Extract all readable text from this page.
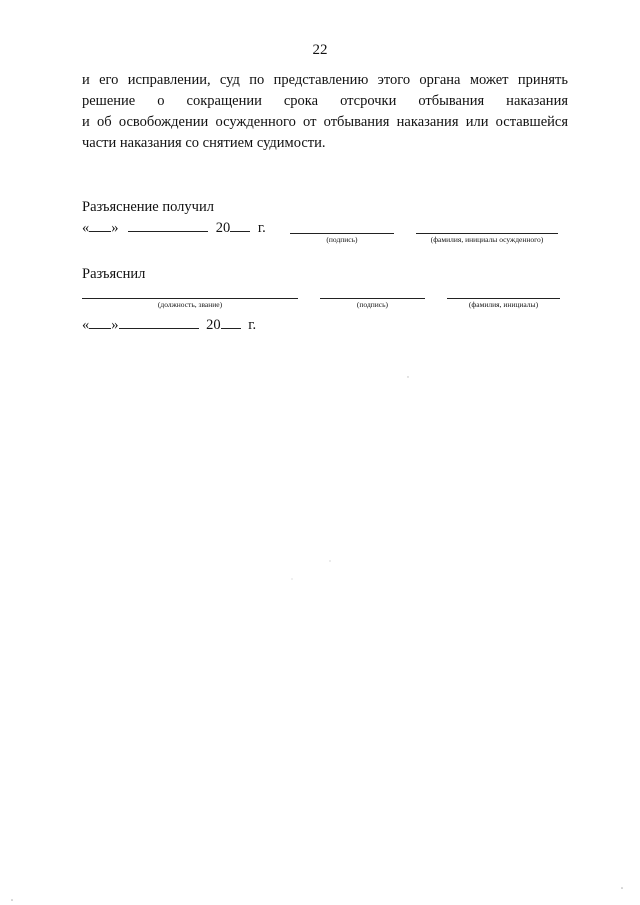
22
и его исправлении, суд по представлению этого органа может принять
решение о сокращении срока отсрочки отбывания наказания
и об освобождении осужденного от отбывания наказания или оставшейся
части наказания со снятием судимости.
Разъяснение получил
« »	20 г.
(подпись)	(фамилия, инициалы осужденного)
Разъяснил
(должность, звание)	(подпись)	(фамилия, инициалы)
« »	20 г.
